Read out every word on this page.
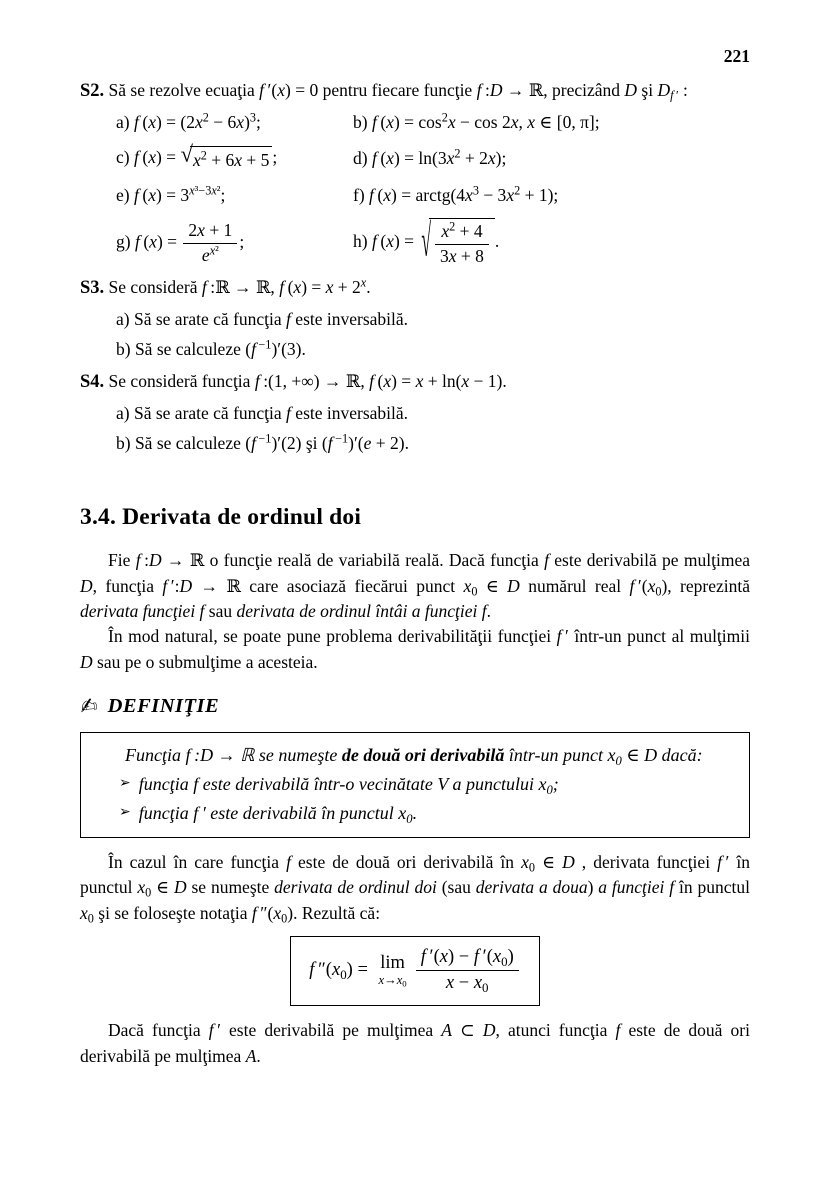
221

S2. Să se rezolve ecuaţia f ′(x) = 0 pentru fiecare funcţie f :D → ℝ, precizând D şi $D_{f '}$ :

a) f $(x) = (2x^2 - 6x)^3$;	b) f $(x) = \cos^2x - \cos 2x$, x ∈ [0, π];
c) f (x) = √ $x^2 + 6x + 5$ ;	d) f $(x) = \ln(3x^2 + 2x)$;
e) f $(x) = 3^{x^3-3x^2}$;	f) f $(x) = arctg(4x^3 - 3x^2 + 1)$;
g) f $(x) = \frac{2x + 1}{e^{x^2}}$ ;	h) f (x) = √ $\frac{x^2 + 4}{3x + 8}$ .

S3. Se consideră f :ℝ → ℝ, f $(x) = x + 2^x$.

a) Să se arate că funcţia f este inversabilă.

b) Să se calculeze (f $^{-1}$)′(3).

S4. Se consideră funcţia f :(1, +∞) → ℝ, f (x) = x + ln(x − 1).

a) Să se arate că funcţia f este inversabilă.

b) Să se calculeze (f $^{-1}$)′(2) şi (f $^{-1}$)′(e + 2).

3.4. Derivata de ordinul doi

Fie f :D → ℝ o funcţie reală de variabilă reală. Dacă funcţia f este derivabilă pe mulţimea D, funcţia f ′:D → ℝ care asociază fiecărui punct $x_0$ ∈ D numărul real f $'(x_0)$, reprezintă derivata funcţiei f sau derivata de ordinul întâi a funcţiei f.

În mod natural, se poate pune problema derivabilităţii funcţiei f ′ într-un punct al mulţimii D sau pe o submulţime a acesteia.

✍ DEFINIŢIE

Funcţia f :D → ℝ se numeşte de două ori derivabilă într-un punct $x_0$ ∈ D dacă:

➢ funcţia f este derivabilă într-o vecinătate V a punctului $x_0$;
➢ funcţia f ′ este derivabilă în punctul $x_0$.

În cazul în care funcţia f este de două ori derivabilă în $x_0$ ∈ D , derivata funcţiei f ′ în punctul $x_0$ ∈ D se numeşte derivata de ordinul doi (sau derivata a doua) a funcţiei f în punctul $x_0$ şi se foloseşte notaţia f $''(x_0)$. Rezultă că:

f $''(x_0) = \lim$
$x\to x_0 \frac{f '(x) - f '(x_0)}{x - x_0}$

Dacă funcţia f ′ este derivabilă pe mulţimea A ⊂ D, atunci funcţia f este de două ori derivabilă pe mulţimea A.
